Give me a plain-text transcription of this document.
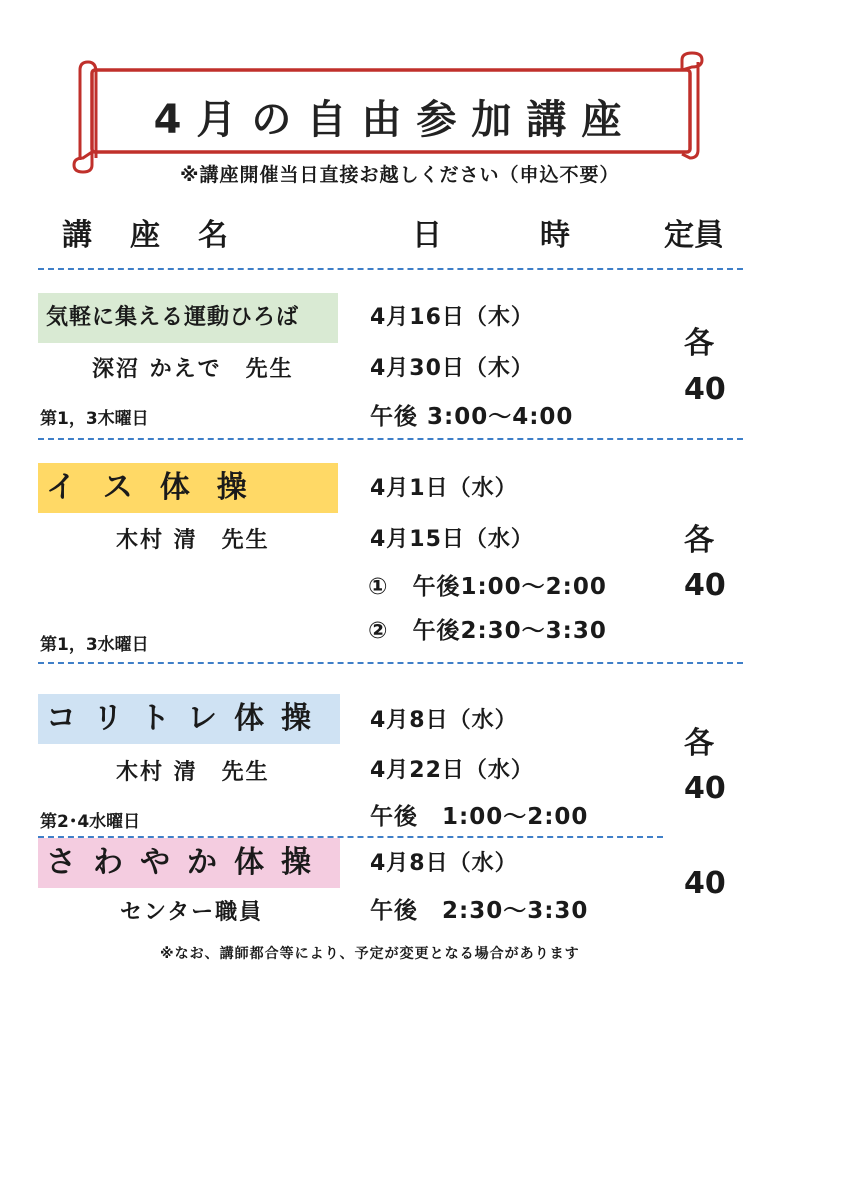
4月の自由参加講座
※講座開催当日直接お越しください（申込不要）
講　座　名	日　　　時	定員
気軽に集える運動ひろば
深沼 かえで　先生
第1，3木曜日
4月16日（木）
4月30日（木）
午後 3:00〜4:00
各
40
イス体操
木村 清　先生
第1，3水曜日
4月1日（水）
4月15日（水）
①　午後1:00〜2:00
②　午後2:30〜3:30
各
40
コリトレ体操
木村 清　先生
第2･4水曜日
4月8日（水）
4月22日（水）
午後　1:00〜2:00
各
40
さわやか体操
センター職員
4月8日（水）
午後　2:30〜3:30
40
※なお、講師都合等により、予定が変更となる場合があります
